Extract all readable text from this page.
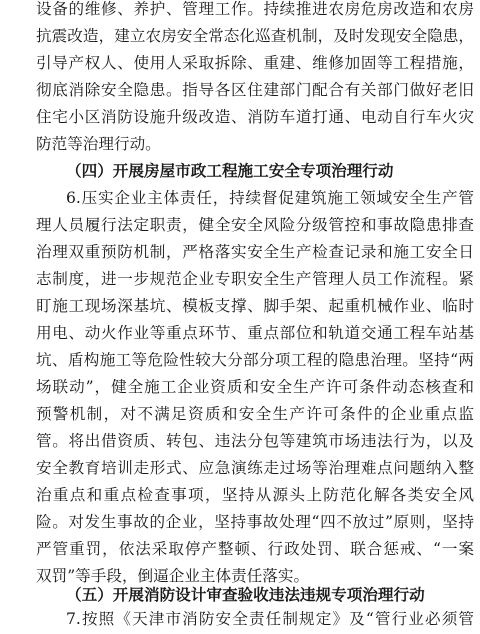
设备的维修、养护、管理工作。持续推进农房危房改造和农房
抗震改造，建立农房安全常态化巡查机制，及时发现安全隐患，
引导产权人、使用人采取拆除、重建、维修加固等工程措施，
彻底消除安全隐患。指导各区住建部门配合有关部门做好老旧
住宅小区消防设施升级改造、消防车道打通、电动自行车火灾
防范等治理行动。
（四）开展房屋市政工程施工安全专项治理行动
6.压实企业主体责任，持续督促建筑施工领域安全生产管
理人员履行法定职责，健全安全风险分级管控和事故隐患排查
治理双重预防机制，严格落实安全生产检查记录和施工安全日
志制度，进一步规范企业专职安全生产管理人员工作流程。紧
盯施工现场深基坑、模板支撑、脚手架、起重机械作业、临时
用电、动火作业等重点环节、重点部位和轨道交通工程车站基
坑、盾构施工等危险性较大分部分项工程的隐患治理。坚持“两
场联动”，健全施工企业资质和安全生产许可条件动态核查和
预警机制，对不满足资质和安全生产许可条件的企业重点监
管。将出借资质、转包、违法分包等建筑市场违法行为，以及
安全教育培训走形式、应急演练走过场等治理难点问题纳入整
治重点和重点检查事项，坚持从源头上防范化解各类安全风
险。对发生事故的企业，坚持事故处理“四不放过”原则，坚持
严管重罚，依法采取停产整顿、行政处罚、联合惩戒、“一案
双罚”等手段，倒逼企业主体责任落实。
（五）开展消防设计审查验收违法违规专项治理行动
7.按照《天津市消防安全责任制规定》及“管行业必须管
